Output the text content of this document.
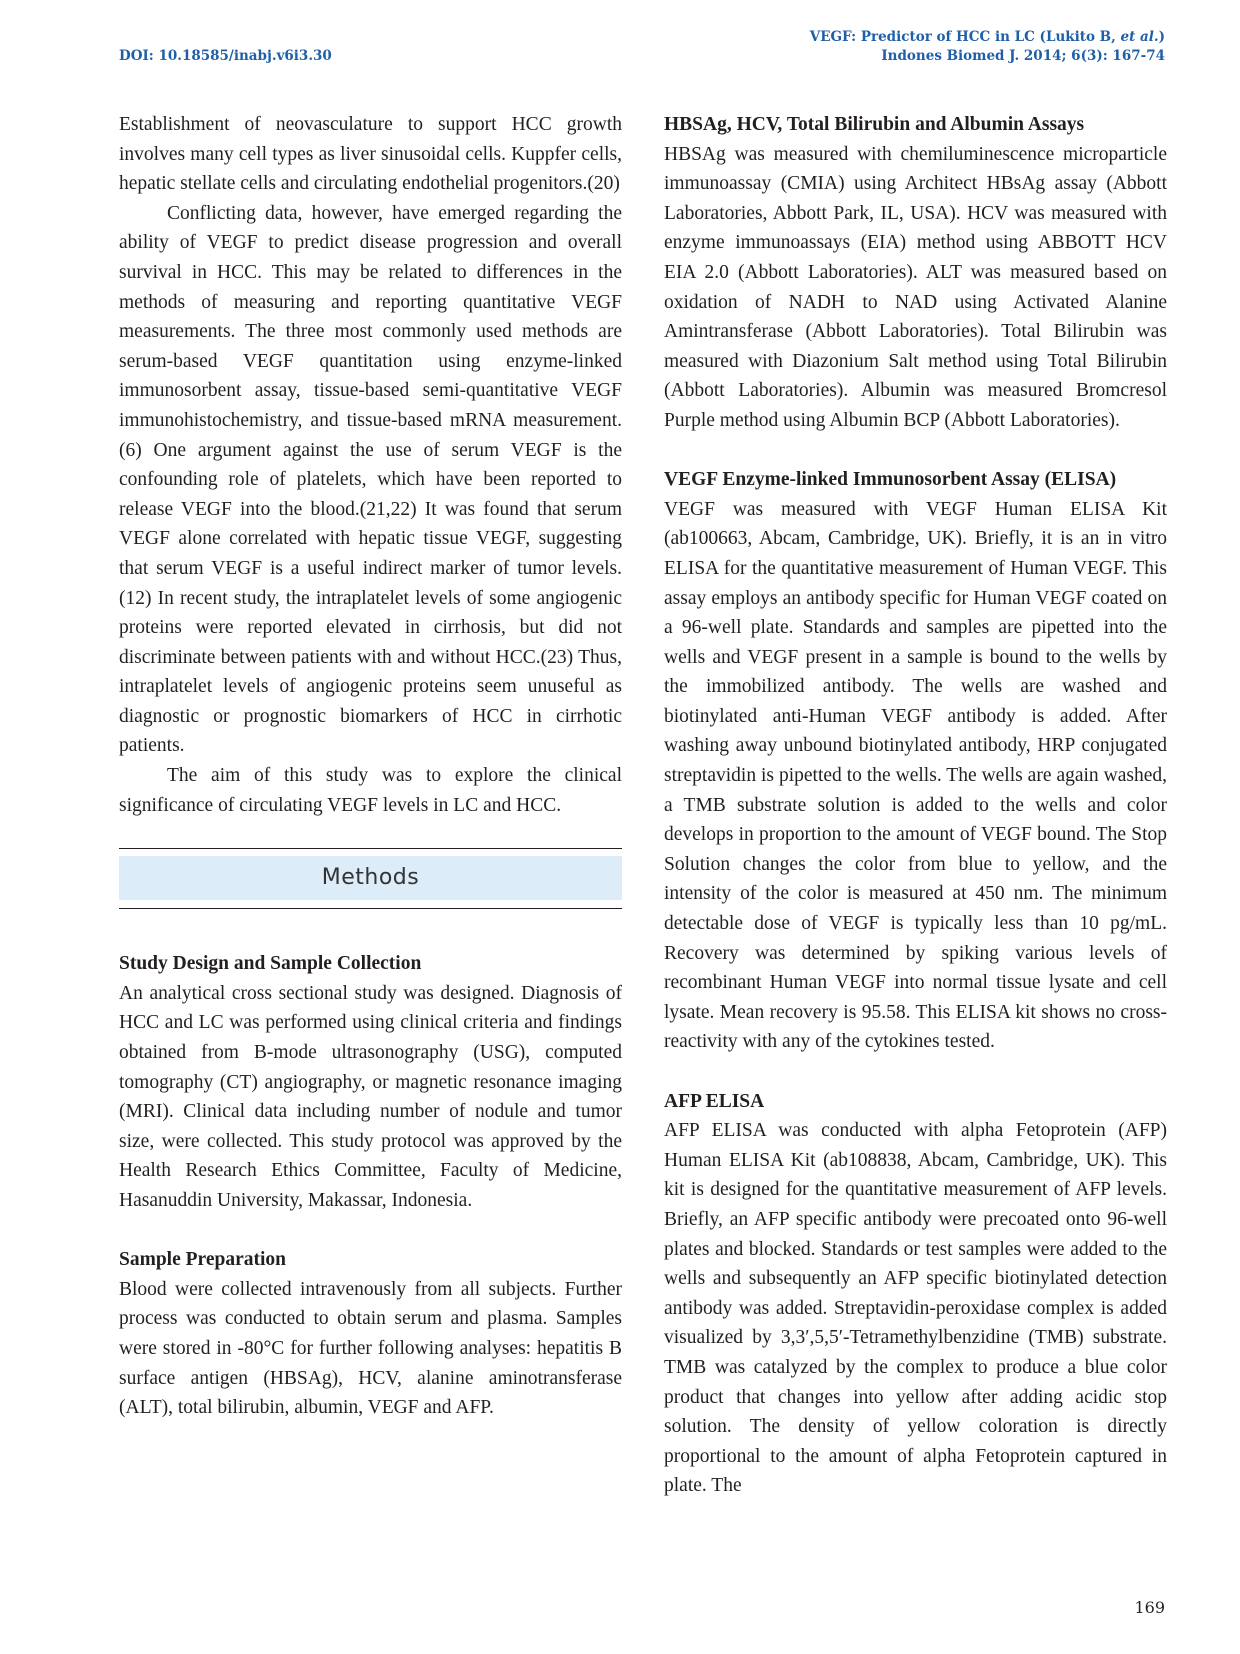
DOI: 10.18585/inabj.v6i3.30
VEGF: Predictor of HCC in LC (Lukito B, et al.)
Indones Biomed J. 2014; 6(3): 167-74

Establishment of neovasculature to support HCC growth involves many cell types as liver sinusoidal cells. Kuppfer cells, hepatic stellate cells and circulating endothelial progenitors.(20)

Conflicting data, however, have emerged regarding the ability of VEGF to predict disease progression and overall survival in HCC. This may be related to differences in the methods of measuring and reporting quantitative VEGF measurements. The three most commonly used methods are serum-based VEGF quantitation using enzyme-linked immunosorbent assay, tissue-based semi-quantitative VEGF immunohistochemistry, and tissue-based mRNA measurement.(6) One argument against the use of serum VEGF is the confounding role of platelets, which have been reported to release VEGF into the blood.(21,22) It was found that serum VEGF alone correlated with hepatic tissue VEGF, suggesting that serum VEGF is a useful indirect marker of tumor levels.(12) In recent study, the intraplatelet levels of some angiogenic proteins were reported elevated in cirrhosis, but did not discriminate between patients with and without HCC.(23) Thus, intraplatelet levels of angiogenic proteins seem unuseful as diagnostic or prognostic biomarkers of HCC in cirrhotic patients.

The aim of this study was to explore the clinical significance of circulating VEGF levels in LC and HCC.

Methods
Study Design and Sample Collection

An analytical cross sectional study was designed. Diagnosis of HCC and LC was performed using clinical criteria and findings obtained from B-mode ultrasonography (USG), computed tomography (CT) angiography, or magnetic resonance imaging (MRI). Clinical data including number of nodule and tumor size, were collected. This study protocol was approved by the Health Research Ethics Committee, Faculty of Medicine, Hasanuddin University, Makassar, Indonesia.

Sample Preparation

Blood were collected intravenously from all subjects. Further process was conducted to obtain serum and plasma. Samples were stored in -80°C for further following analyses: hepatitis B surface antigen (HBSAg), HCV, alanine aminotransferase (ALT), total bilirubin, albumin, VEGF and AFP.

HBSAg, HCV, Total Bilirubin and Albumin Assays

HBSAg was measured with chemiluminescence microparticle immunoassay (CMIA) using Architect HBsAg assay (Abbott Laboratories, Abbott Park, IL, USA). HCV was measured with enzyme immunoassays (EIA) method using ABBOTT HCV EIA 2.0 (Abbott Laboratories). ALT was measured based on oxidation of NADH to NAD using Activated Alanine Amintransferase (Abbott Laboratories). Total Bilirubin was measured with Diazonium Salt method using Total Bilirubin (Abbott Laboratories). Albumin was measured Bromcresol Purple method using Albumin BCP (Abbott Laboratories).

VEGF Enzyme-linked Immunosorbent Assay (ELISA)

VEGF was measured with VEGF Human ELISA Kit (ab100663, Abcam, Cambridge, UK). Briefly, it is an in vitro ELISA for the quantitative measurement of Human VEGF. This assay employs an antibody specific for Human VEGF coated on a 96-well plate. Standards and samples are pipetted into the wells and VEGF present in a sample is bound to the wells by the immobilized antibody. The wells are washed and biotinylated anti-Human VEGF antibody is added. After washing away unbound biotinylated antibody, HRP conjugated streptavidin is pipetted to the wells. The wells are again washed, a TMB substrate solution is added to the wells and color develops in proportion to the amount of VEGF bound. The Stop Solution changes the color from blue to yellow, and the intensity of the color is measured at 450 nm. The minimum detectable dose of VEGF is typically less than 10 pg/mL. Recovery was determined by spiking various levels of recombinant Human VEGF into normal tissue lysate and cell lysate. Mean recovery is 95.58. This ELISA kit shows no cross-reactivity with any of the cytokines tested.

AFP ELISA

AFP ELISA was conducted with alpha Fetoprotein (AFP) Human ELISA Kit (ab108838, Abcam, Cambridge, UK). This kit is designed for the quantitative measurement of AFP levels. Briefly, an AFP specific antibody were precoated onto 96-well plates and blocked. Standards or test samples were added to the wells and subsequently an AFP specific biotinylated detection antibody was added. Streptavidin-peroxidase complex is added visualized by 3,3′,5,5′-Tetramethylbenzidine (TMB) substrate. TMB was catalyzed by the complex to produce a blue color product that changes into yellow after adding acidic stop solution. The density of yellow coloration is directly proportional to the amount of alpha Fetoprotein captured in plate. The

169
